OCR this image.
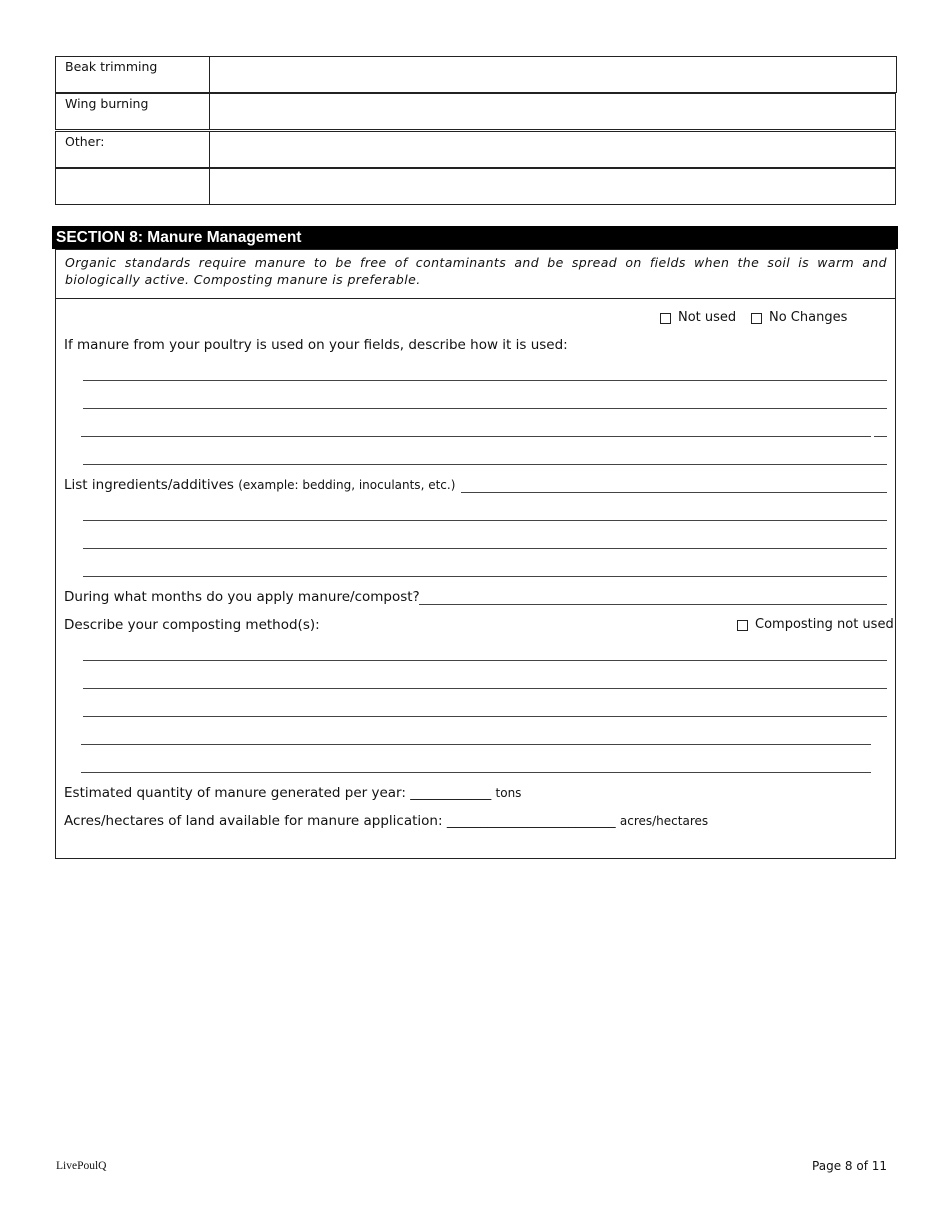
Beak trimming
Wing burning
Other:
SECTION 8: Manure Management
Organic standards require manure to be free of contaminants and be spread on fields when the soil is warm and biologically active. Composting manure is preferable.
Not used	No Changes
If manure from your poultry is used on your fields, describe how it is used:
List ingredients/additives (example: bedding, inoculants, etc.)
During what months do you apply manure/compost?
Describe your composting method(s):	Composting not used
Estimated quantity of manure generated per year: ____________ tons
Acres/hectares of land available for manure application: _________________________ acres/hectares
LivePoulQ	Page 8 of 11
